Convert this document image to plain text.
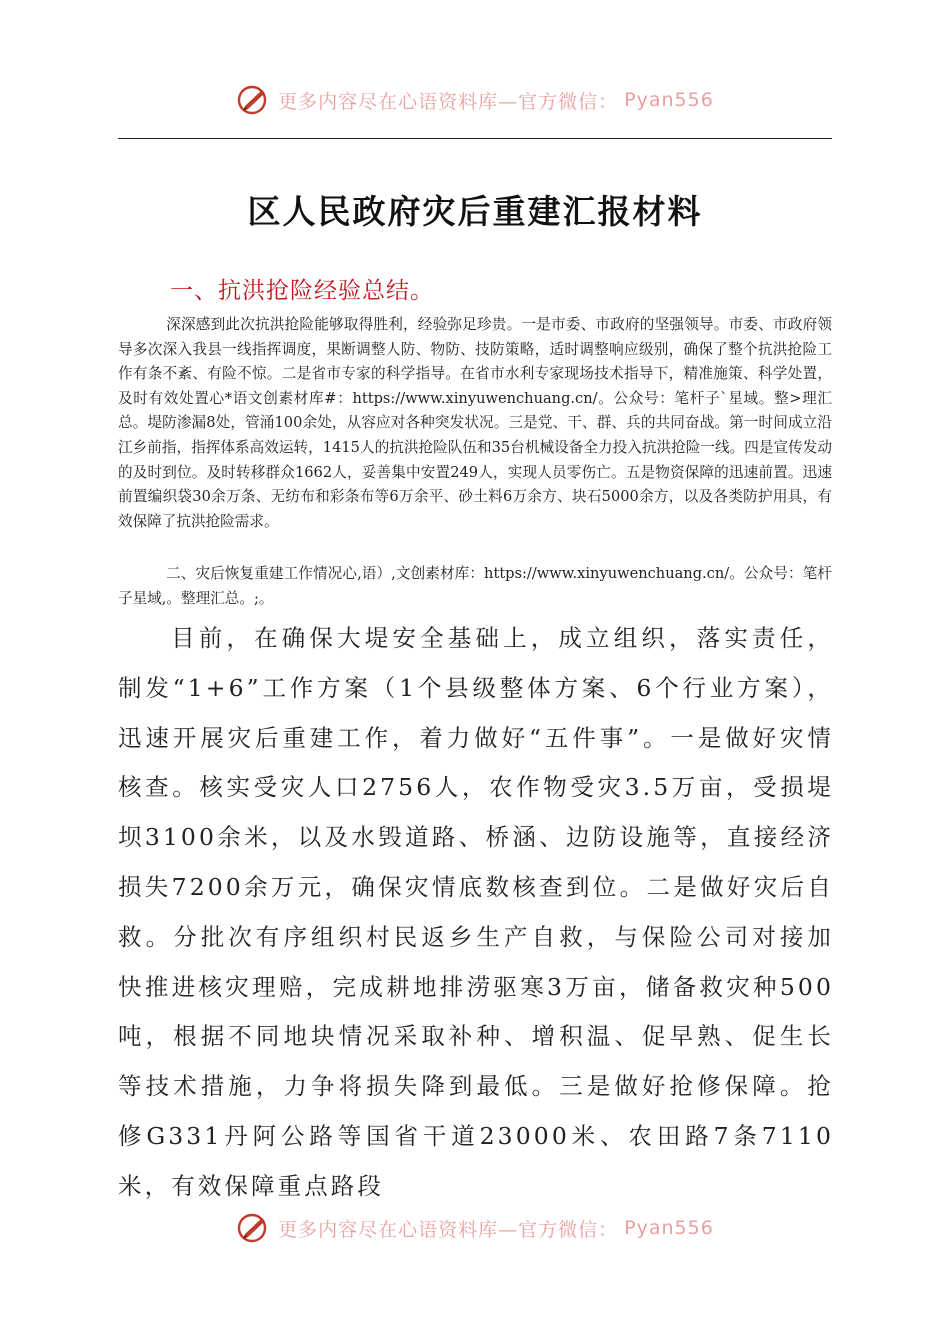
更多内容尽在心语资料库—官方微信： Pyan556
区人民政府灾后重建汇报材料
一、抗洪抢险经验总结。
深深感到此次抗洪抢险能够取得胜利，经验弥足珍贵。一是市委、市政府的坚强领导。市委、市政府领导多次深入我县一线指挥调度，果断调整人防、物防、技防策略，适时调整响应级别，确保了整个抗洪抢险工作有条不紊、有险不惊。二是省市专家的科学指导。在省市水利专家现场技术指导下，精准施策、科学处置，及时有效处置心*语文创素材库#：https://www.xinyuwenchuang.cn/。公众号：笔杆子`星域。整>理汇总。堤防渗漏8处，管涌100余处，从容应对各种突发状况。三是党、干、群、兵的共同奋战。第一时间成立沿江乡前指，指挥体系高效运转，1415人的抗洪抢险队伍和35台机械设备全力投入抗洪抢险一线。四是宣传发动的及时到位。及时转移群众1662人，妥善集中安置249人，实现人员零伤亡。五是物资保障的迅速前置。迅速前置编织袋30余万条、无纺布和彩条布等6万余平、砂土料6万余方、块石5000余方，以及各类防护用具，有效保障了抗洪抢险需求。
二、灾后恢复重建工作情况心,语）,文创素材库：https://www.xinyuwenchuang.cn/。公众号：笔杆子星域,。整理汇总。;。
目前，在确保大堤安全基础上，成立组织，落实责任，制发“1+6”工作方案（1个县级整体方案、6个行业方案），迅速开展灾后重建工作，着力做好“五件事”。一是做好灾情核查。核实受灾人口2756人，农作物受灾3.5万亩，受损堤坝3100余米，以及水毁道路、桥涵、边防设施等，直接经济损失7200余万元，确保灾情底数核查到位。二是做好灾后自救。分批次有序组织村民返乡生产自救，与保险公司对接加快推进核灾理赔，完成耕地排涝驱寒3万亩，储备救灾种500吨，根据不同地块情况采取补种、增积温、促早熟、促生长等技术措施，力争将损失降到最低。三是做好抢修保障。抢修G331丹阿公路等国省干道23000米、农田路7条7110米，有效保障重点路段
更多内容尽在心语资料库—官方微信： Pyan556
